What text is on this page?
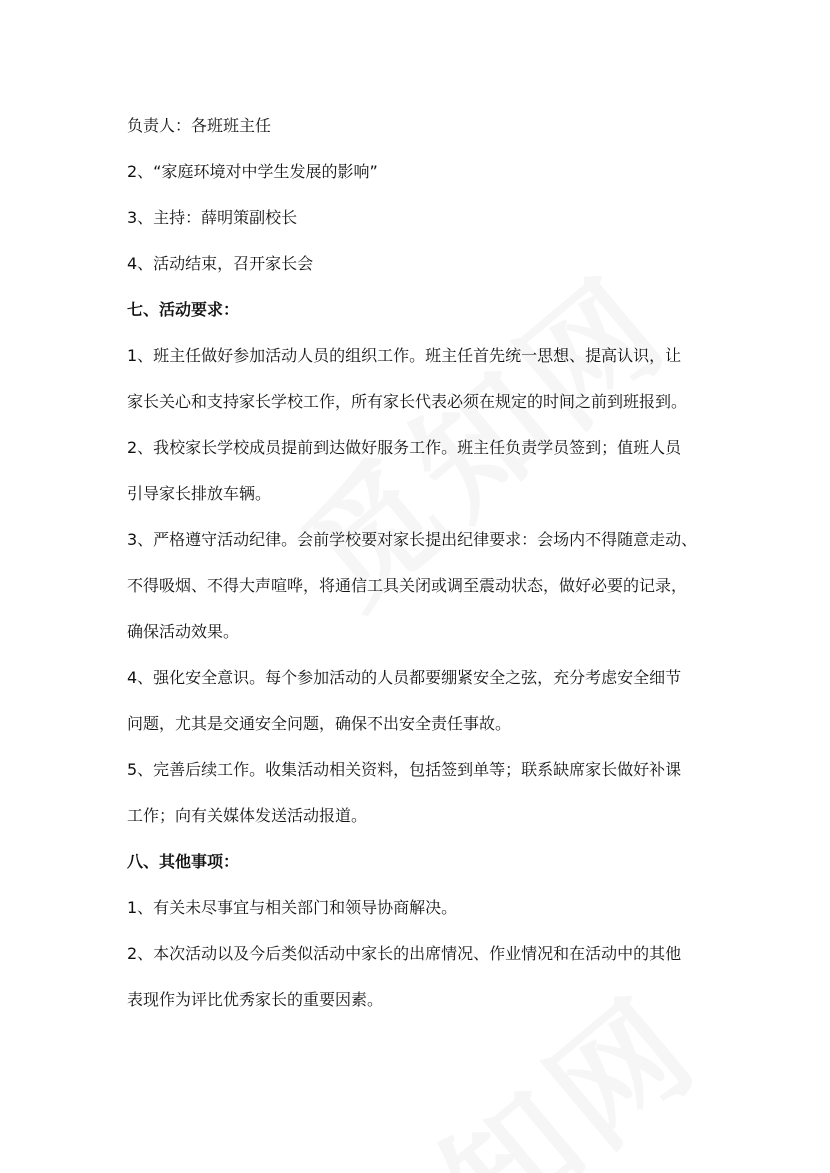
负责人：各班班主任

2、“家庭环境对中学生发展的影响”

3、主持：薛明策副校长

4、活动结束，召开家长会

七、活动要求：

1、班主任做好参加活动人员的组织工作。班主任首先统一思想、提高认识，让

家长关心和支持家长学校工作，所有家长代表必须在规定的时间之前到班报到。

2、我校家长学校成员提前到达做好服务工作。班主任负责学员签到；值班人员

引导家长排放车辆。

3、严格遵守活动纪律。会前学校要对家长提出纪律要求：会场内不得随意走动、

不得吸烟、不得大声喧哗，将通信工具关闭或调至震动状态，做好必要的记录，

确保活动效果。

4、强化安全意识。每个参加活动的人员都要绷紧安全之弦，充分考虑安全细节

问题，尤其是交通安全问题，确保不出安全责任事故。

5、完善后续工作。收集活动相关资料，包括签到单等；联系缺席家长做好补课

工作；向有关媒体发送活动报道。

八、其他事项：

1、有关未尽事宜与相关部门和领导协商解决。

2、本次活动以及今后类似活动中家长的出席情况、作业情况和在活动中的其他

表现作为评比优秀家长的重要因素。
